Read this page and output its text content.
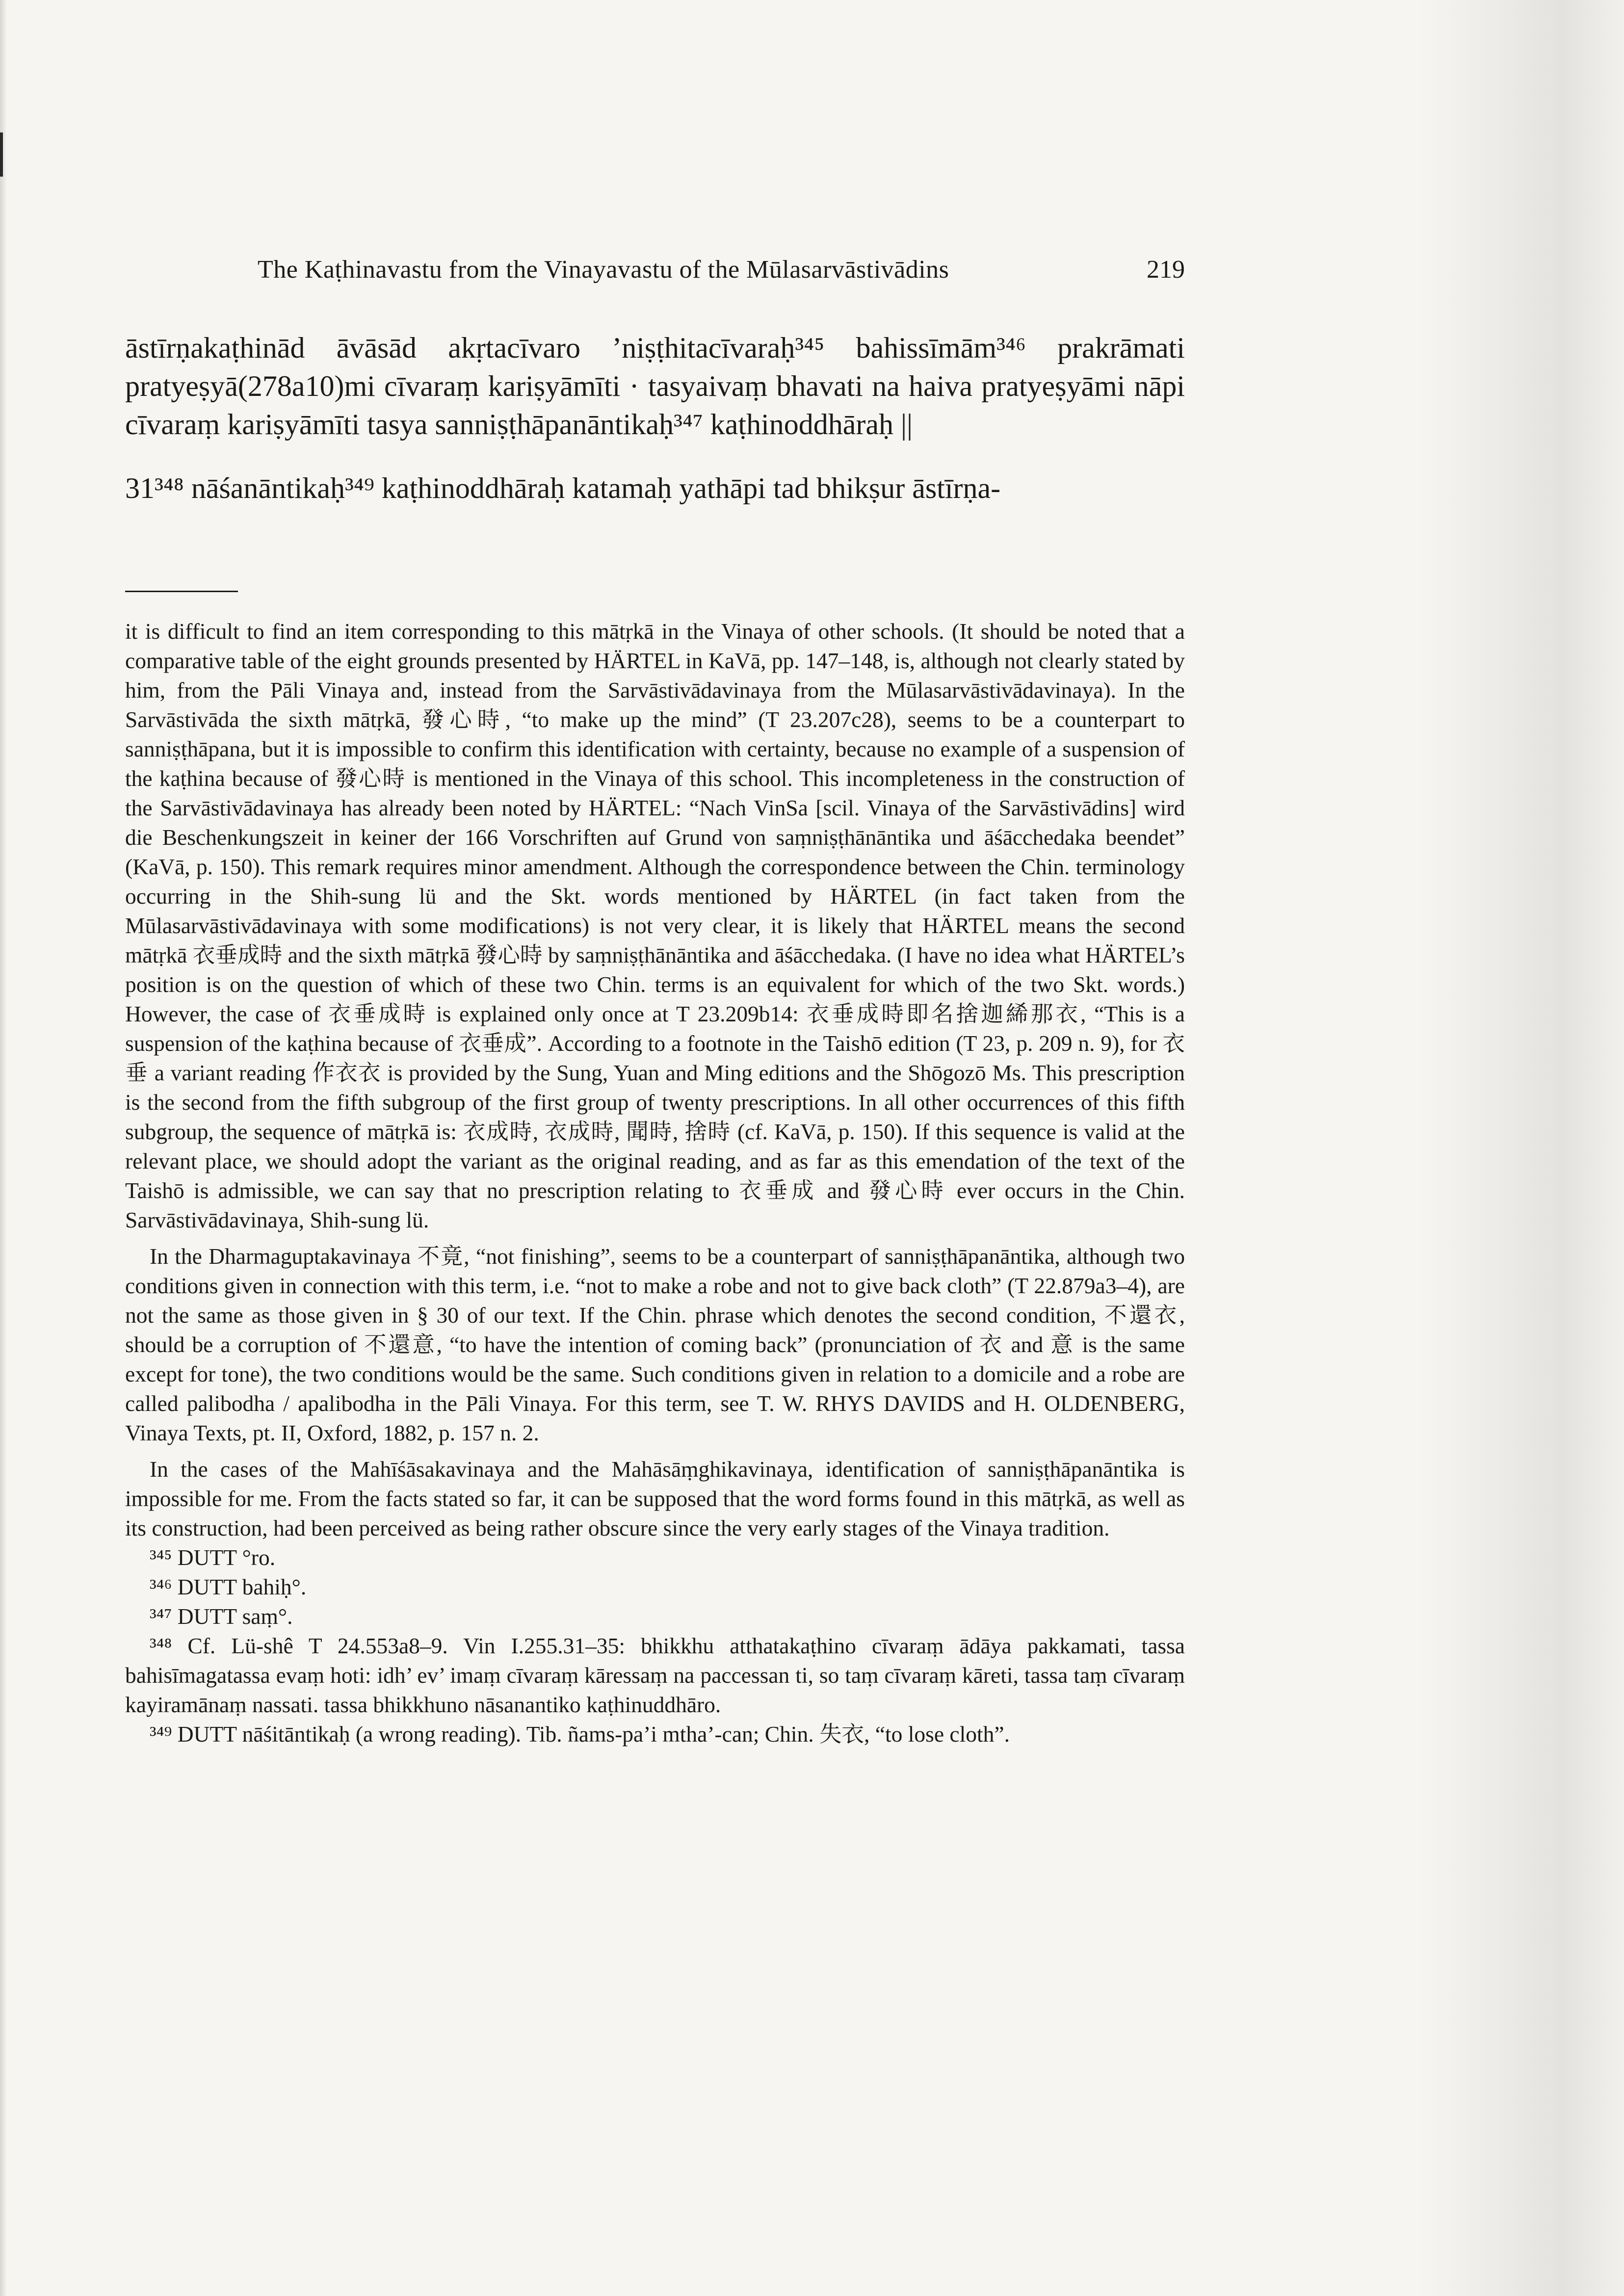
The Kaṭhinavastu from the Vinayavastu of the Mūlasarvāstivādins	219

āstīrṇakaṭhinād āvāsād akṛtacīvaro ’niṣṭhitacīvaraḥ³⁴⁵ bahissīmām³⁴⁶ prakrāmati pratyeṣyā(278a10)mi cīvaraṃ kariṣyāmīti · tasyaivaṃ bhavati na haiva pratyeṣyāmi nāpi cīvaraṃ kariṣyāmīti tasya sanniṣṭhāpanāntikaḥ³⁴⁷ kaṭhinoddhāraḥ ||

31³⁴⁸ nāśanāntikaḥ³⁴⁹ kaṭhinoddhāraḥ katamaḥ yathāpi tad bhikṣur āstīrṇa-

it is difficult to find an item corresponding to this mātṛkā in the Vinaya of other schools. (It should be noted that a comparative table of the eight grounds presented by HÄRTEL in KaVā, pp. 147–148, is, although not clearly stated by him, from the Pāli Vinaya and, instead from the Sarvāstivādavinaya from the Mūlasarvāstivādavinaya). In the Sarvāstivāda the sixth mātṛkā, 發心時, “to make up the mind” (T 23.207c28), seems to be a counterpart to sanniṣṭhāpana, but it is impossible to confirm this identification with certainty, because no example of a suspension of the kaṭhina because of 發心時 is mentioned in the Vinaya of this school. This incompleteness in the construction of the Sarvāstivādavinaya has already been noted by HÄRTEL: “Nach VinSa [scil. Vinaya of the Sarvāstivādins] wird die Beschenkungszeit in keiner der 166 Vorschriften auf Grund von saṃniṣṭhānāntika und āśācchedaka beendet” (KaVā, p. 150). This remark requires minor amendment. Although the correspondence between the Chin. terminology occurring in the Shih-sung lü and the Skt. words mentioned by HÄRTEL (in fact taken from the Mūlasarvāstivādavinaya with some modifications) is not very clear, it is likely that HÄRTEL means the second mātṛkā 衣垂成時 and the sixth mātṛkā 發心時 by saṃniṣṭhānāntika and āśācchedaka. (I have no idea what HÄRTEL’s position is on the question of which of these two Chin. terms is an equivalent for which of the two Skt. words.) However, the case of 衣垂成時 is explained only once at T 23.209b14: 衣垂成時即名捨迦絺那衣, “This is a suspension of the kaṭhina because of 衣垂成”. According to a footnote in the Taishō edition (T 23, p. 209 n. 9), for 衣垂 a variant reading 作衣衣 is provided by the Sung, Yuan and Ming editions and the Shōgozō Ms. This prescription is the second from the fifth subgroup of the first group of twenty prescriptions. In all other occurrences of this fifth subgroup, the sequence of mātṛkā is: 衣成時, 衣成時, 聞時, 捨時 (cf. KaVā, p. 150). If this sequence is valid at the relevant place, we should adopt the variant as the original reading, and as far as this emendation of the text of the Taishō is admissible, we can say that no prescription relating to 衣垂成 and 發心時 ever occurs in the Chin. Sarvāstivādavinaya, Shih-sung lü.

In the Dharmaguptakavinaya 不竟, “not finishing”, seems to be a counterpart of sanniṣṭhāpanāntika, although two conditions given in connection with this term, i.e. “not to make a robe and not to give back cloth” (T 22.879a3–4), are not the same as those given in § 30 of our text. If the Chin. phrase which denotes the second condition, 不還衣, should be a corruption of 不還意, “to have the intention of coming back” (pronunciation of 衣 and 意 is the same except for tone), the two conditions would be the same. Such conditions given in relation to a domicile and a robe are called palibodha / apalibodha in the Pāli Vinaya. For this term, see T. W. RHYS DAVIDS and H. OLDENBERG, Vinaya Texts, pt. II, Oxford, 1882, p. 157 n. 2.

In the cases of the Mahīśāsakavinaya and the Mahāsāṃghikavinaya, identification of sanniṣṭhāpanāntika is impossible for me. From the facts stated so far, it can be supposed that the word forms found in this mātṛkā, as well as its construction, had been perceived as being rather obscure since the very early stages of the Vinaya tradition.

³⁴⁵ DUTT °ro.

³⁴⁶ DUTT bahiḥ°.

³⁴⁷ DUTT saṃ°.

³⁴⁸ Cf. Lü-shê T 24.553a8–9. Vin I.255.31–35: bhikkhu atthatakaṭhino cīvaraṃ ādāya pakkamati, tassa bahisīmagatassa evaṃ hoti: idh’ ev’ imaṃ cīvaraṃ kāressaṃ na paccessan ti, so taṃ cīvaraṃ kāreti, tassa taṃ cīvaraṃ kayiramānaṃ nassati. tassa bhikkhuno nāsanantiko kaṭhinuddhāro.

³⁴⁹ DUTT nāśitāntikaḥ (a wrong reading). Tib. ñams-pa’i mtha’-can; Chin. 失衣, “to lose cloth”.
